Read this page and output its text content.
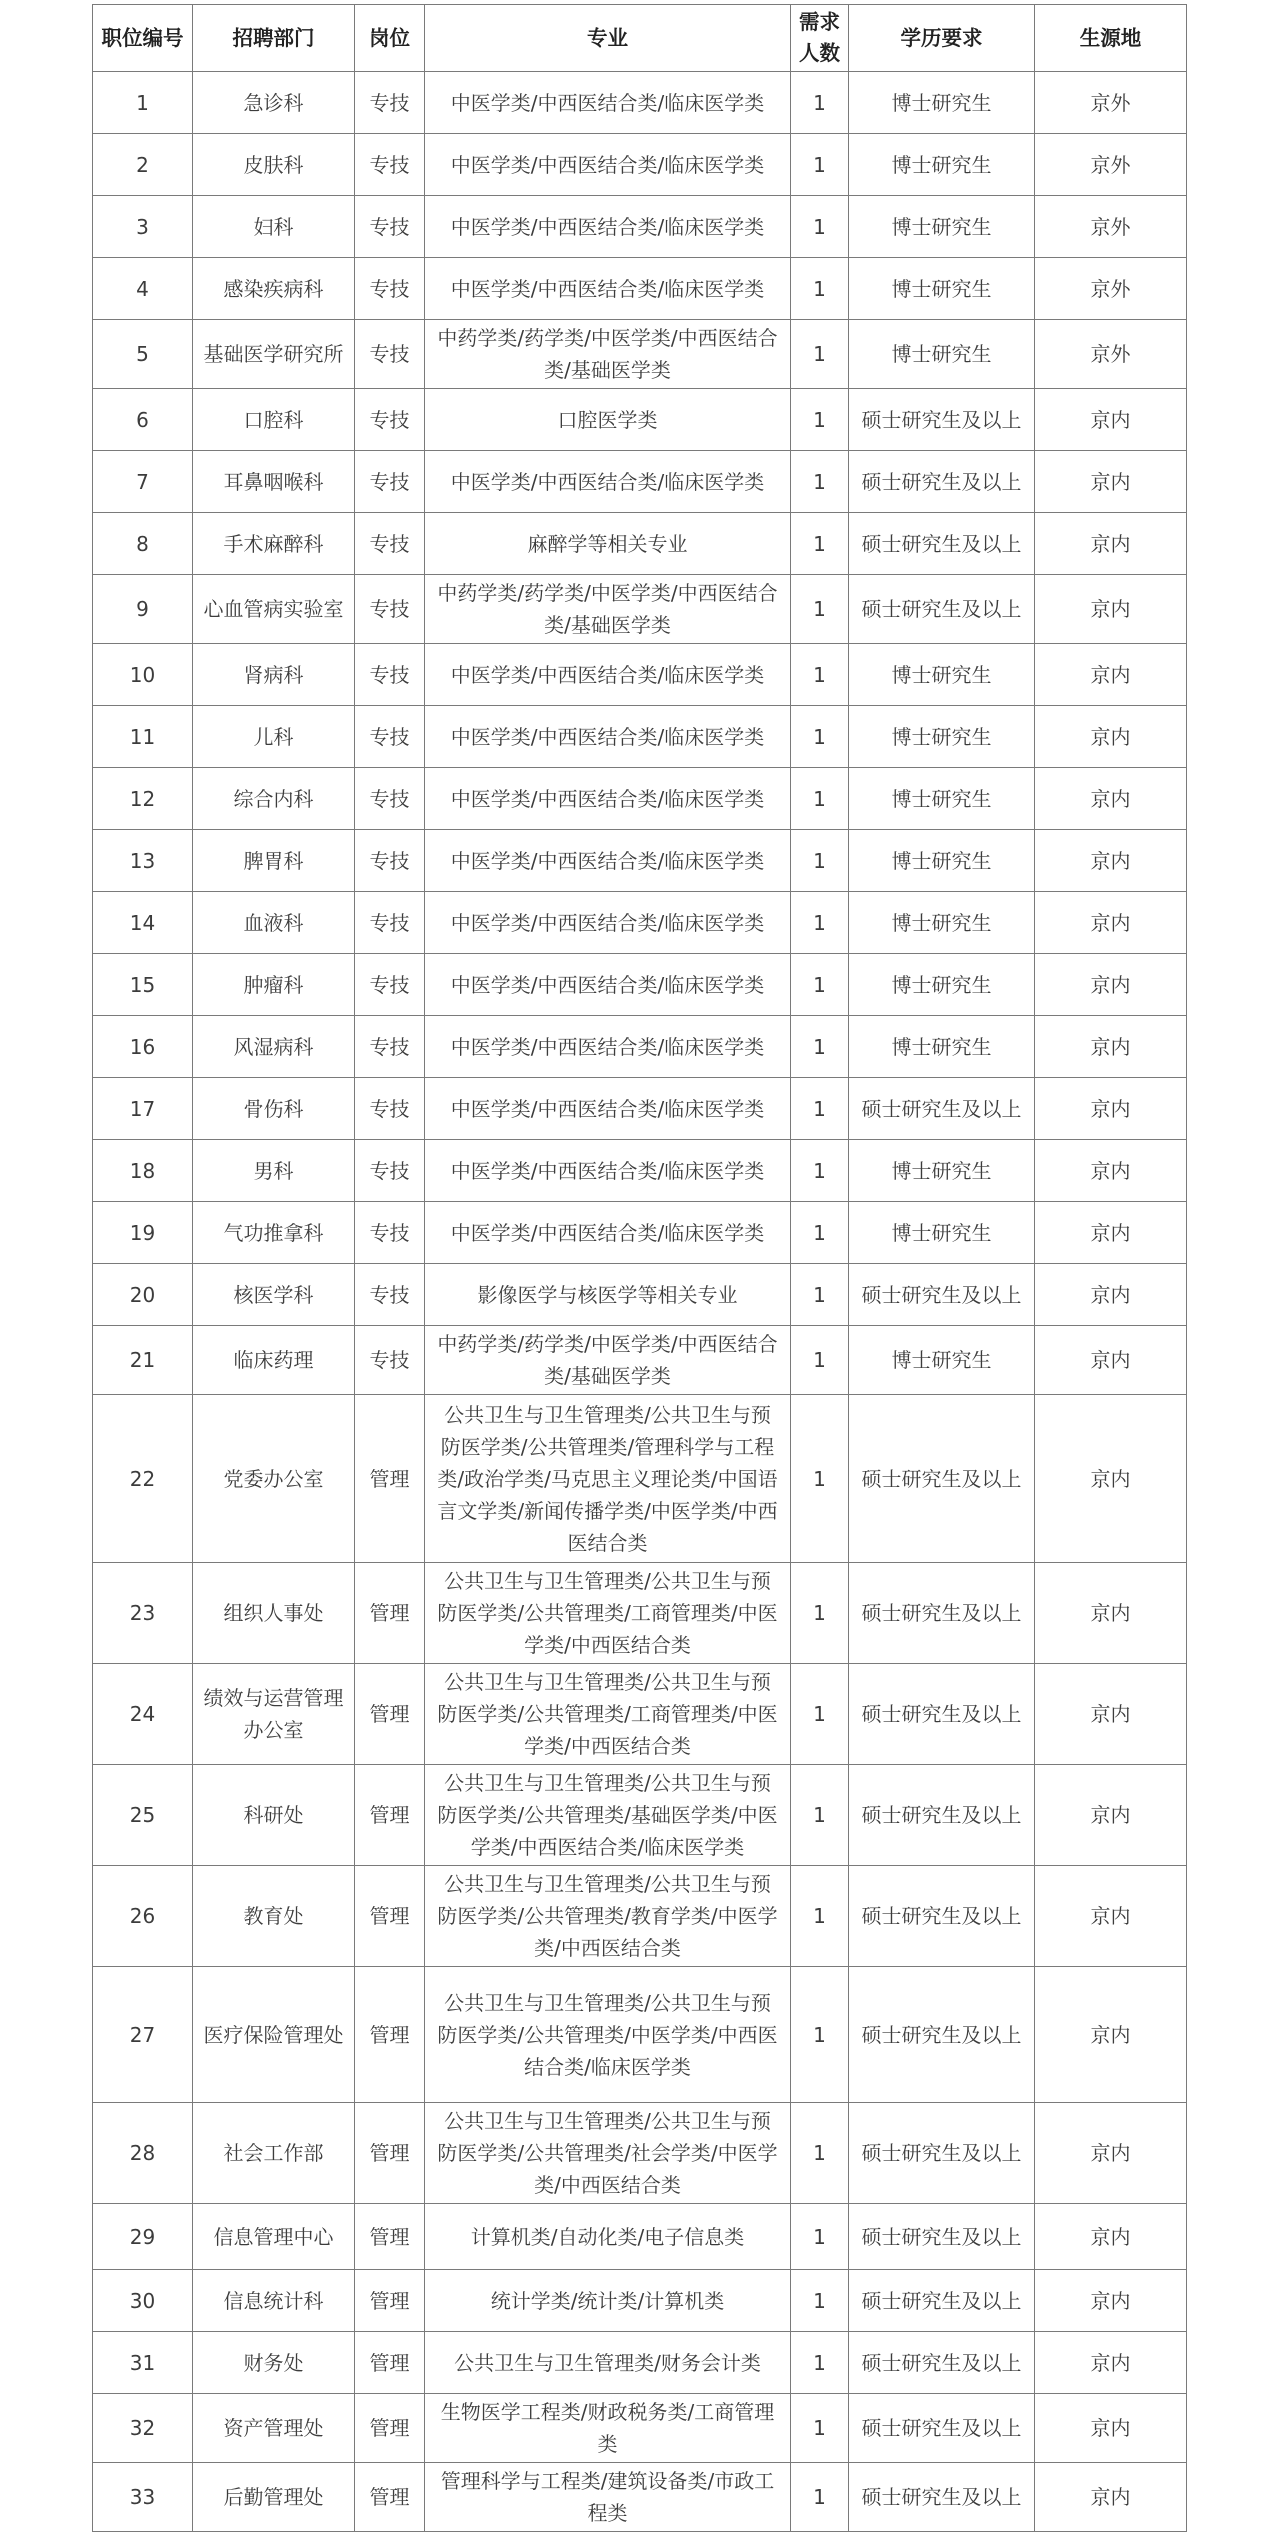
职位编号	招聘部门	岗位	专业	需求人数	学历要求	生源地
1	急诊科	专技	中医学类/中西医结合类/临床医学类	1	博士研究生	京外
2	皮肤科	专技	中医学类/中西医结合类/临床医学类	1	博士研究生	京外
3	妇科	专技	中医学类/中西医结合类/临床医学类	1	博士研究生	京外
4	感染疾病科	专技	中医学类/中西医结合类/临床医学类	1	博士研究生	京外
5	基础医学研究所	专技	中药学类/药学类/中医学类/中西医结合类/基础医学类	1	博士研究生	京外
6	口腔科	专技	口腔医学类	1	硕士研究生及以上	京内
7	耳鼻咽喉科	专技	中医学类/中西医结合类/临床医学类	1	硕士研究生及以上	京内
8	手术麻醉科	专技	麻醉学等相关专业	1	硕士研究生及以上	京内
9	心血管病实验室	专技	中药学类/药学类/中医学类/中西医结合类/基础医学类	1	硕士研究生及以上	京内
10	肾病科	专技	中医学类/中西医结合类/临床医学类	1	博士研究生	京内
11	儿科	专技	中医学类/中西医结合类/临床医学类	1	博士研究生	京内
12	综合内科	专技	中医学类/中西医结合类/临床医学类	1	博士研究生	京内
13	脾胃科	专技	中医学类/中西医结合类/临床医学类	1	博士研究生	京内
14	血液科	专技	中医学类/中西医结合类/临床医学类	1	博士研究生	京内
15	肿瘤科	专技	中医学类/中西医结合类/临床医学类	1	博士研究生	京内
16	风湿病科	专技	中医学类/中西医结合类/临床医学类	1	博士研究生	京内
17	骨伤科	专技	中医学类/中西医结合类/临床医学类	1	硕士研究生及以上	京内
18	男科	专技	中医学类/中西医结合类/临床医学类	1	博士研究生	京内
19	气功推拿科	专技	中医学类/中西医结合类/临床医学类	1	博士研究生	京内
20	核医学科	专技	影像医学与核医学等相关专业	1	硕士研究生及以上	京内
21	临床药理	专技	中药学类/药学类/中医学类/中西医结合类/基础医学类	1	博士研究生	京内
22	党委办公室	管理	公共卫生与卫生管理类/公共卫生与预防医学类/公共管理类/管理科学与工程类/政治学类/马克思主义理论类/中国语言文学类/新闻传播学类/中医学类/中西医结合类	1	硕士研究生及以上	京内
23	组织人事处	管理	公共卫生与卫生管理类/公共卫生与预防医学类/公共管理类/工商管理类/中医学类/中西医结合类	1	硕士研究生及以上	京内
24	绩效与运营管理办公室	管理	公共卫生与卫生管理类/公共卫生与预防医学类/公共管理类/工商管理类/中医学类/中西医结合类	1	硕士研究生及以上	京内
25	科研处	管理	公共卫生与卫生管理类/公共卫生与预防医学类/公共管理类/基础医学类/中医学类/中西医结合类/临床医学类	1	硕士研究生及以上	京内
26	教育处	管理	公共卫生与卫生管理类/公共卫生与预防医学类/公共管理类/教育学类/中医学类/中西医结合类	1	硕士研究生及以上	京内
27	医疗保险管理处	管理	公共卫生与卫生管理类/公共卫生与预防医学类/公共管理类/中医学类/中西医结合类/临床医学类	1	硕士研究生及以上	京内
28	社会工作部	管理	公共卫生与卫生管理类/公共卫生与预防医学类/公共管理类/社会学类/中医学类/中西医结合类	1	硕士研究生及以上	京内
29	信息管理中心	管理	计算机类/自动化类/电子信息类	1	硕士研究生及以上	京内
30	信息统计科	管理	统计学类/统计类/计算机类	1	硕士研究生及以上	京内
31	财务处	管理	公共卫生与卫生管理类/财务会计类	1	硕士研究生及以上	京内
32	资产管理处	管理	生物医学工程类/财政税务类/工商管理类	1	硕士研究生及以上	京内
33	后勤管理处	管理	管理科学与工程类/建筑设备类/市政工程类	1	硕士研究生及以上	京内
